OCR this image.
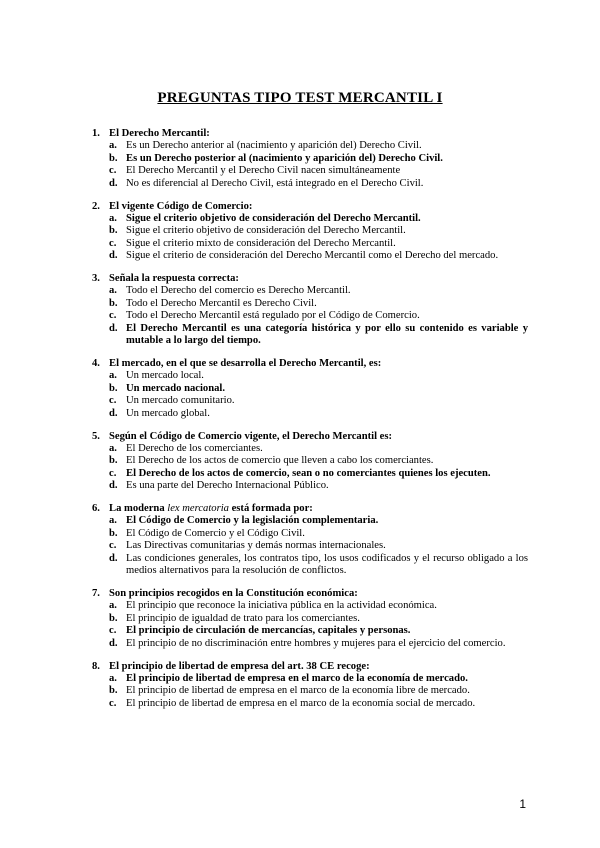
PREGUNTAS TIPO TEST MERCANTIL I
1. El Derecho Mercantil:
a. Es un Derecho anterior al (nacimiento y aparición del) Derecho Civil.
b. Es un Derecho posterior al (nacimiento y aparición del) Derecho Civil.
c. El Derecho Mercantil y el Derecho Civil nacen simultáneamente
d. No es diferencial al Derecho Civil, está integrado en el Derecho Civil.
2. El vigente Código de Comercio:
a. Sigue el criterio objetivo de consideración del Derecho Mercantil.
b. Sigue el criterio objetivo de consideración del Derecho Mercantil.
c. Sigue el criterio mixto de consideración del Derecho Mercantil.
d. Sigue el criterio de consideración del Derecho Mercantil como el Derecho del mercado.
3. Señala la respuesta correcta:
a. Todo el Derecho del comercio es Derecho Mercantil.
b. Todo el Derecho Mercantil es Derecho Civil.
c. Todo el Derecho Mercantil está regulado por el Código de Comercio.
d. El Derecho Mercantil es una categoría histórica y por ello su contenido es variable y mutable a lo largo del tiempo.
4. El mercado, en el que se desarrolla el Derecho Mercantil, es:
a. Un mercado local.
b. Un mercado nacional.
c. Un mercado comunitario.
d. Un mercado global.
5. Según el Código de Comercio vigente, el Derecho Mercantil es:
a. El Derecho de los comerciantes.
b. El Derecho de los actos de comercio que lleven a cabo los comerciantes.
c. El Derecho de los actos de comercio, sean o no comerciantes quienes los ejecuten.
d. Es una parte del Derecho Internacional Público.
6. La moderna lex mercatoria está formada por:
a. El Código de Comercio y la legislación complementaria.
b. El Código de Comercio y el Código Civil.
c. Las Directivas comunitarias y demás normas internacionales.
d. Las condiciones generales, los contratos tipo, los usos codificados y el recurso obligado a los medios alternativos para la resolución de conflictos.
7. Son principios recogidos en la Constitución económica:
a. El principio que reconoce la iniciativa pública en la actividad económica.
b. El principio de igualdad de trato para los comerciantes.
c. El principio de circulación de mercancías, capitales y personas.
d. El principio de no discriminación entre hombres y mujeres para el ejercicio del comercio.
8. El principio de libertad de empresa del art. 38 CE recoge:
a. El principio de libertad de empresa en el marco de la economía de mercado.
b. El principio de libertad de empresa en el marco de la economía libre de mercado.
c. El principio de libertad de empresa en el marco de la economía social de mercado.
1
